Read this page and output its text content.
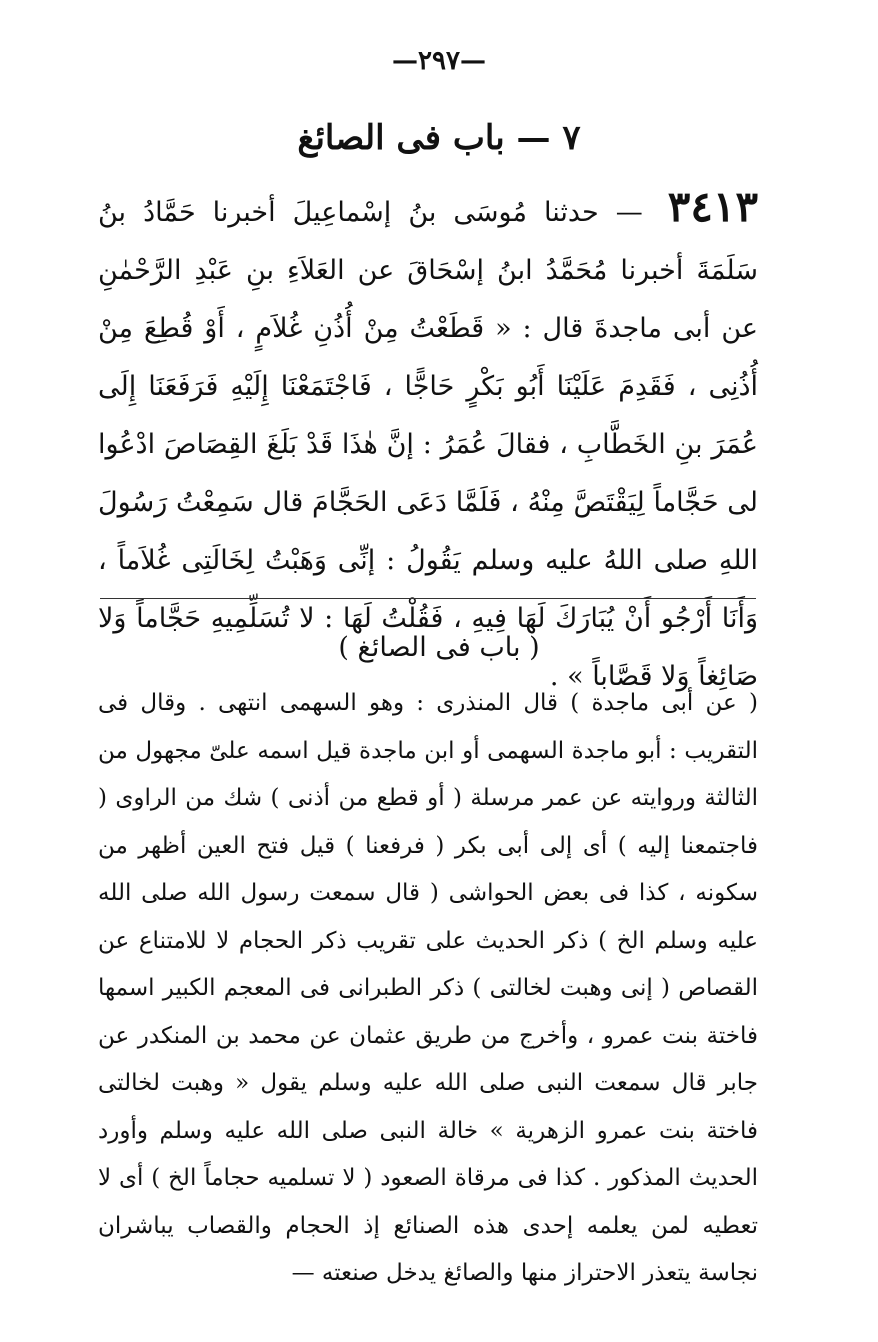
—٢٩٧—
٧ — باب فى الصائغ
٣٤١٣ — حدثنا مُوسَى بنُ إسْماعِيلَ أخبرنا حَمَّادُ بنُ سَلَمَةَ أخبرنا مُحَمَّدُ ابنُ إسْحَاقَ عن العَلاَءِ بنِ عَبْدِ الرَّحْمٰنِ عن أبى ماجدةَ قال : « قَطَعْتُ مِنْ أُذُنِ غُلاَمٍ ، أَوْ قُطِعَ مِنْ أُذُنِى ، فَقَدِمَ عَلَيْنَا أَبُو بَكْرٍ حَاجًّا ، فَاجْتَمَعْنَا إِلَيْهِ فَرَفَعَنَا إِلَى عُمَرَ بنِ الخَطَّابِ ، فقالَ عُمَرُ : إنَّ هٰذَا قَدْ بَلَغَ القِصَاصَ ادْعُوا لى حَجَّاماً لِيَقْتَصَّ مِنْهُ ، فَلَمَّا دَعَى الحَجَّامَ قال سَمِعْتُ رَسُولَ اللهِ صلى اللهُ عليه وسلم يَقُولُ : إنِّى وَهَبْتُ لِخَالَتِى غُلاَماً ، وَأَنَا أَرْجُو أَنْ يُبَارَكَ لَهَا فِيهِ ، فَقُلْتُ لَهَا : لا تُسَلِّمِيهِ حَجَّاماً وَلا صَائِغاً وَلا قَصَّاباً » .
( باب فى الصائغ )
( عن أبى ماجدة ) قال المنذرى : وهو السهمى انتهى . وقال فى التقريب : أبو ماجدة السهمى أو ابن ماجدة قيل اسمه علىّ مجهول من الثالثة وروايته عن عمر مرسلة ( أو قطع من أذنى ) شك من الراوى ( فاجتمعنا إليه ) أى إلى أبى بكر ( فرفعنا ) قيل فتح العين أظهر من سكونه ، كذا فى بعض الحواشى ( قال سمعت رسول الله صلى الله عليه وسلم الخ ) ذكر الحديث على تقريب ذكر الحجام لا للامتناع عن القصاص ( إنى وهبت لخالتى ) ذكر الطبرانى فى المعجم الكبير اسمها فاختة بنت عمرو ، وأخرج من طريق عثمان عن محمد بن المنكدر عن جابر قال سمعت النبى صلى الله عليه وسلم يقول « وهبت لخالتى فاختة بنت عمرو الزهرية » خالة النبى صلى الله عليه وسلم وأورد الحديث المذكور . كذا فى مرقاة الصعود ( لا تسلميه حجاماً الخ ) أى لا تعطيه لمن يعلمه إحدى هذه الصنائع إذ الحجام والقصاب يباشران نجاسة يتعذر الاحتراز منها والصائغ يدخل صنعته —
